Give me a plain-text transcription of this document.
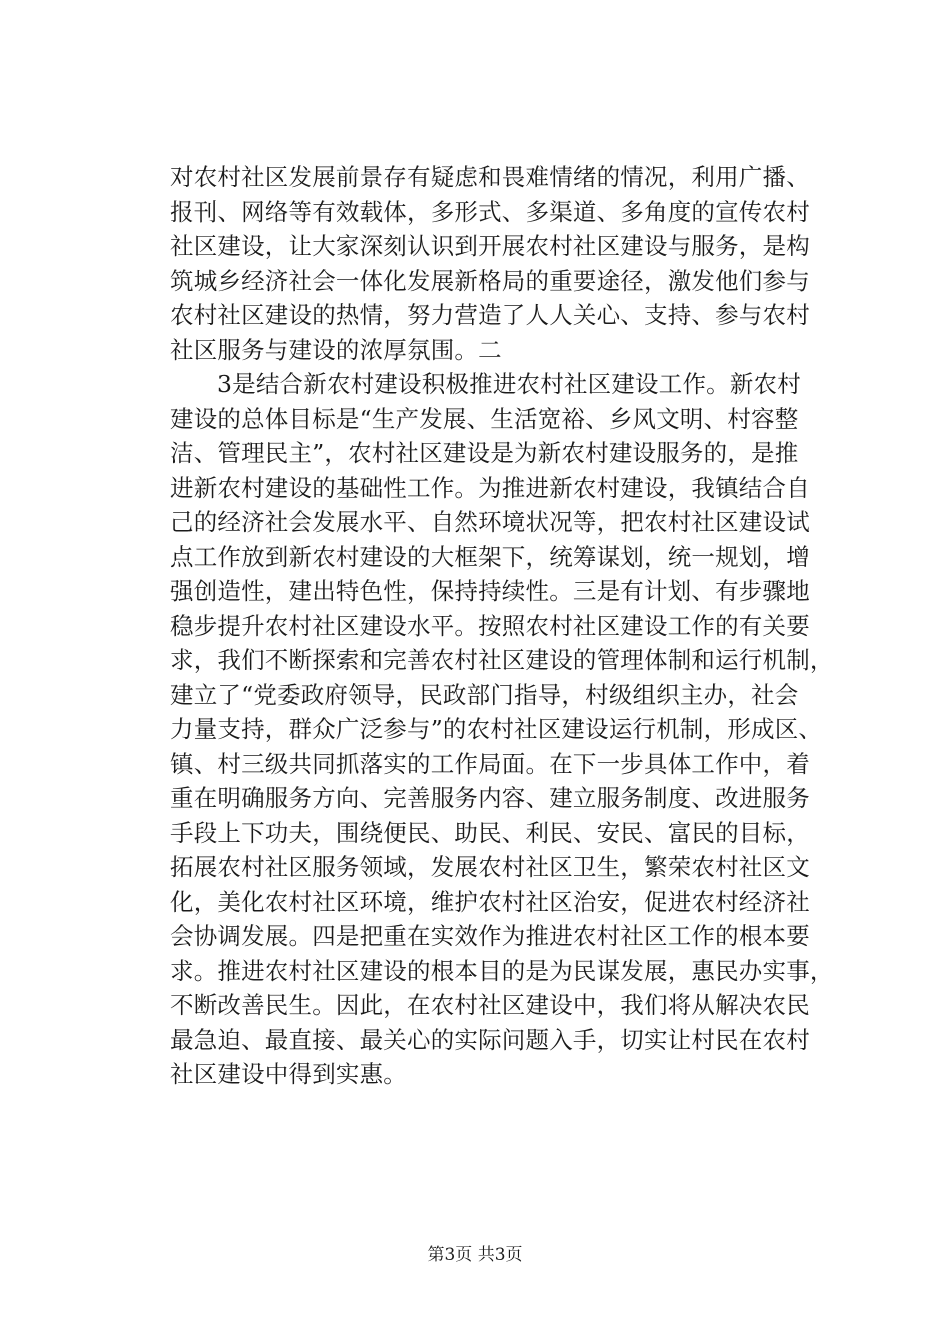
对农村社区发展前景存有疑虑和畏难情绪的情况，利用广播、
报刊、网络等有效载体，多形式、多渠道、多角度的宣传农村
社区建设，让大家深刻认识到开展农村社区建设与服务，是构
筑城乡经济社会一体化发展新格局的重要途径，激发他们参与
农村社区建设的热情，努力营造了人人关心、支持、参与农村
社区服务与建设的浓厚氛围。二
3是结合新农村建设积极推进农村社区建设工作。新农村
建设的总体目标是“生产发展、生活宽裕、乡风文明、村容整
洁、管理民主”，农村社区建设是为新农村建设服务的，是推
进新农村建设的基础性工作。为推进新农村建设，我镇结合自
己的经济社会发展水平、自然环境状况等，把农村社区建设试
点工作放到新农村建设的大框架下，统筹谋划，统一规划，增
强创造性，建出特色性，保持持续性。三是有计划、有步骤地
稳步提升农村社区建设水平。按照农村社区建设工作的有关要
求，我们不断探索和完善农村社区建设的管理体制和运行机制，
建立了“党委政府领导，民政部门指导，村级组织主办，社会
力量支持，群众广泛参与”的农村社区建设运行机制，形成区、
镇、村三级共同抓落实的工作局面。在下一步具体工作中，着
重在明确服务方向、完善服务内容、建立服务制度、改进服务
手段上下功夫，围绕便民、助民、利民、安民、富民的目标，
拓展农村社区服务领域，发展农村社区卫生，繁荣农村社区文
化，美化农村社区环境，维护农村社区治安，促进农村经济社
会协调发展。四是把重在实效作为推进农村社区工作的根本要
求。推进农村社区建设的根本目的是为民谋发展，惠民办实事，
不断改善民生。因此，在农村社区建设中，我们将从解决农民
最急迫、最直接、最关心的实际问题入手，切实让村民在农村
社区建设中得到实惠。
第3页 共3页
